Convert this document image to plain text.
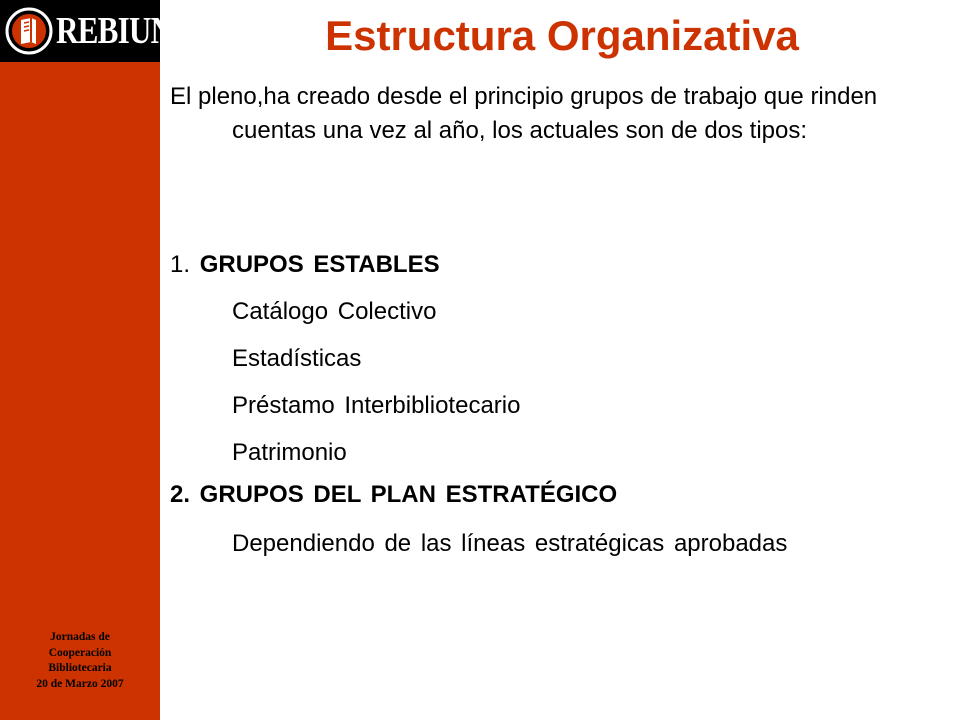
REBIUN
Jornadas de
Cooperación
Bibliotecaria
20 de Marzo 2007
Estructura Organizativa

El pleno,ha creado desde el principio grupos de trabajo que rinden cuentas una vez al año, los actuales son de dos tipos:

1. GRUPOS ESTABLES

Catálogo Colectivo

Estadísticas

Préstamo Interbibliotecario

Patrimonio

2. GRUPOS DEL PLAN ESTRATÉGICO

Dependiendo de las líneas estratégicas aprobadas
